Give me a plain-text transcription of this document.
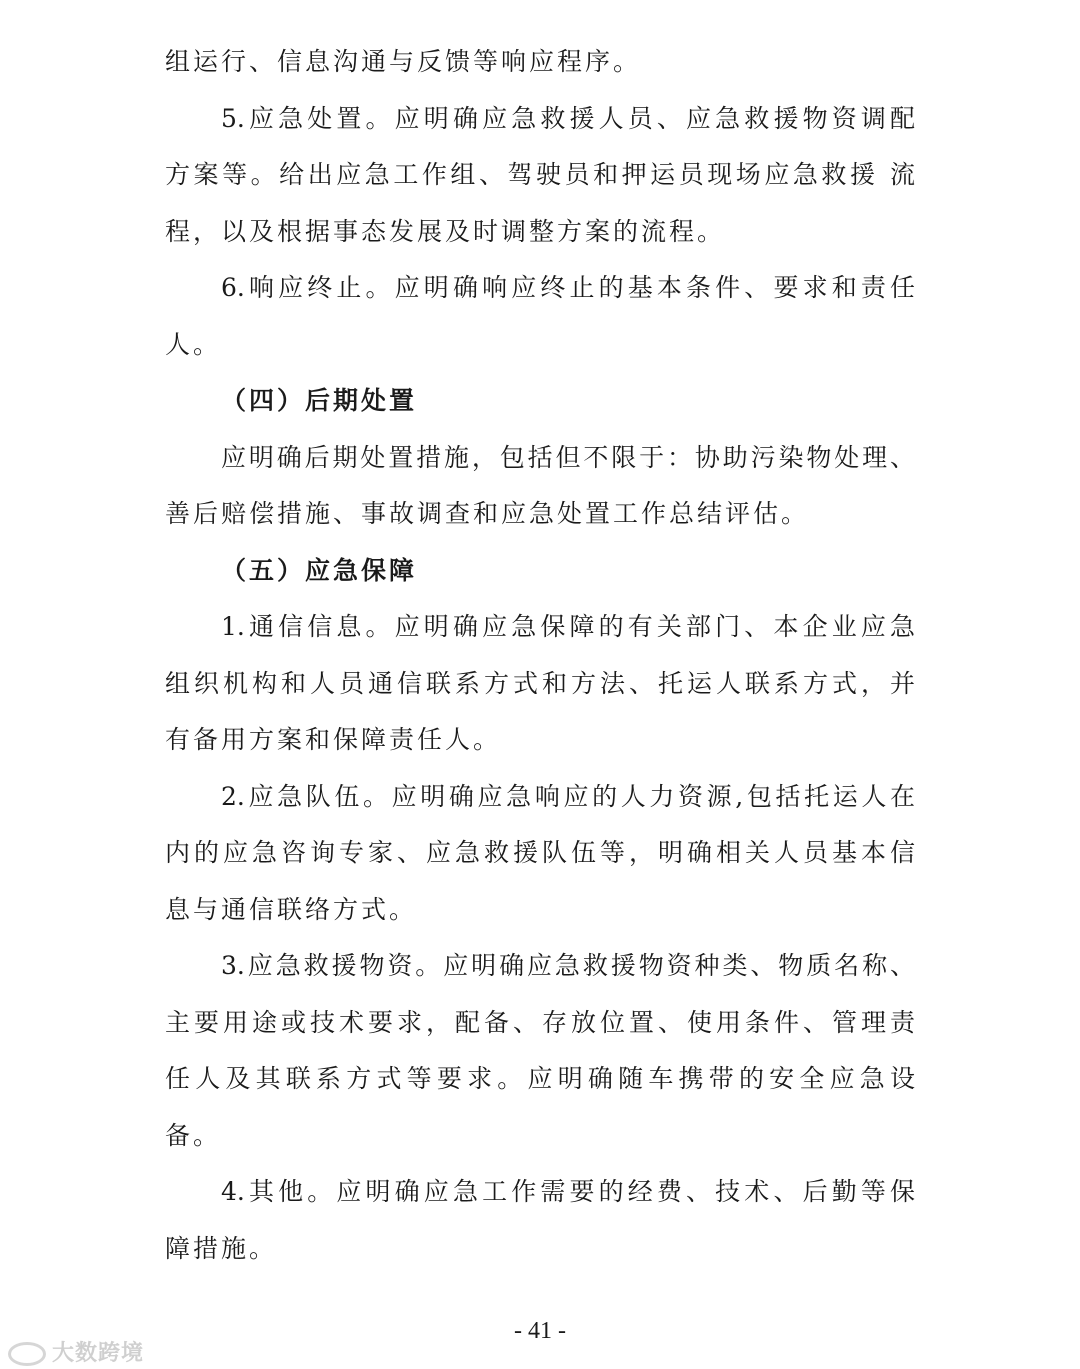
组运行、信息沟通与反馈等响应程序。
5.应急处置。应明确应急救援人员、应急救援物资调配
方案等。给出应急工作组、驾驶员和押运员现场应急救援 流
程，以及根据事态发展及时调整方案的流程。
6.响应终止。应明确响应终止的基本条件、要求和责任
人。
（四）后期处置
应明确后期处置措施，包括但不限于：协助污染物处理、
善后赔偿措施、事故调查和应急处置工作总结评估。
（五）应急保障
1.通信信息。应明确应急保障的有关部门、本企业应急
组织机构和人员通信联系方式和方法、托运人联系方式，并
有备用方案和保障责任人。
2.应急队伍。应明确应急响应的人力资源,包括托运人在
内的应急咨询专家、应急救援队伍等，明确相关人员基本信
息与通信联络方式。
3.应急救援物资。应明确应急救援物资种类、物质名称、
主要用途或技术要求，配备、存放位置、使用条件、管理责
任人及其联系方式等要求。应明确随车携带的安全应急设
备。
4.其他。应明确应急工作需要的经费、技术、后勤等保
障措施。
- 41 -
大数跨境
